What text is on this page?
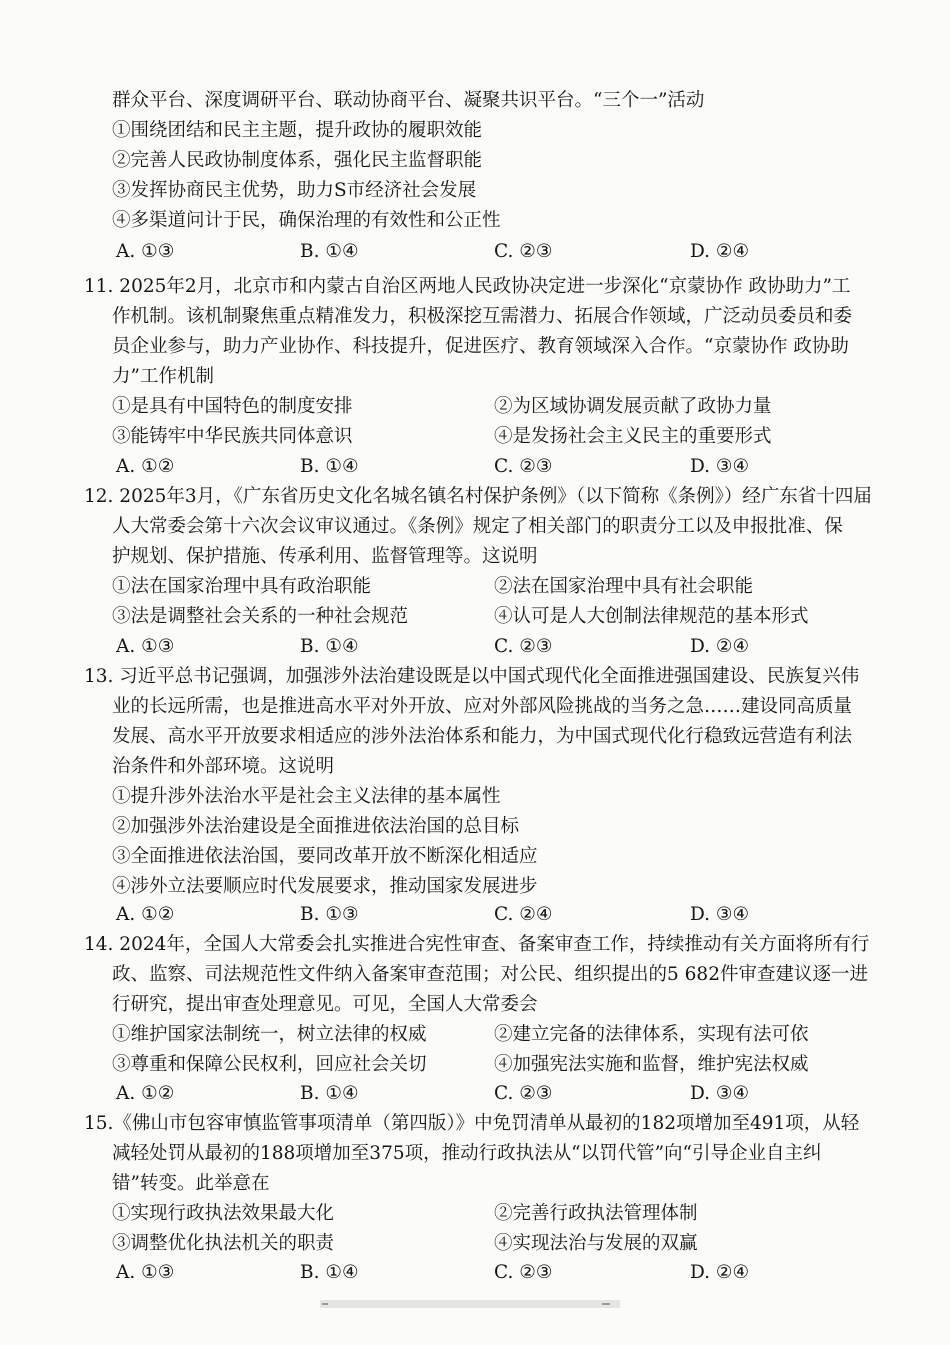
群众平台、深度调研平台、联动协商平台、凝聚共识平台。“三个一”活动
①围绕团结和民主主题，提升政协的履职效能
②完善人民政协制度体系，强化民主监督职能
③发挥协商民主优势，助力S市经济社会发展
④多渠道问计于民，确保治理的有效性和公正性
A. ①③	B. ①④	C. ②③	D. ②④
11. 2025年2月，北京市和内蒙古自治区两地人民政协决定进一步深化“京蒙协作 政协助力”工
作机制。该机制聚焦重点精准发力，积极深挖互需潜力、拓展合作领域，广泛动员委员和委
员企业参与，助力产业协作、科技提升，促进医疗、教育领域深入合作。“京蒙协作 政协助
力”工作机制
①是具有中国特色的制度安排	②为区域协调发展贡献了政协力量
③能铸牢中华民族共同体意识	④是发扬社会主义民主的重要形式
A. ①②	B. ①④	C. ②③	D. ③④
12. 2025年3月，《广东省历史文化名城名镇名村保护条例》（以下简称《条例》）经广东省十四届
人大常委会第十六次会议审议通过。《条例》规定了相关部门的职责分工以及申报批准、保
护规划、保护措施、传承利用、监督管理等。这说明
①法在国家治理中具有政治职能	②法在国家治理中具有社会职能
③法是调整社会关系的一种社会规范	④认可是人大创制法律规范的基本形式
A. ①③	B. ①④	C. ②③	D. ②④
13. 习近平总书记强调，加强涉外法治建设既是以中国式现代化全面推进强国建设、民族复兴伟
业的长远所需，也是推进高水平对外开放、应对外部风险挑战的当务之急……建设同高质量
发展、高水平开放要求相适应的涉外法治体系和能力，为中国式现代化行稳致远营造有利法
治条件和外部环境。这说明
①提升涉外法治水平是社会主义法律的基本属性
②加强涉外法治建设是全面推进依法治国的总目标
③全面推进依法治国，要同改革开放不断深化相适应
④涉外立法要顺应时代发展要求，推动国家发展进步
A. ①②	B. ①③	C. ②④	D. ③④
14. 2024年，全国人大常委会扎实推进合宪性审查、备案审查工作，持续推动有关方面将所有行
政、监察、司法规范性文件纳入备案审查范围；对公民、组织提出的5 682件审查建议逐一进
行研究，提出审查处理意见。可见，全国人大常委会
①维护国家法制统一，树立法律的权威	②建立完备的法律体系，实现有法可依
③尊重和保障公民权利，回应社会关切	④加强宪法实施和监督，维护宪法权威
A. ①②	B. ①④	C. ②③	D. ③④
15.《佛山市包容审慎监管事项清单（第四版）》中免罚清单从最初的182项增加至491项，从轻
减轻处罚从最初的188项增加至375项，推动行政执法从“以罚代管”向“引导企业自主纠
错”转变。此举意在
①实现行政执法效果最大化	②完善行政执法管理体制
③调整优化执法机关的职责	④实现法治与发展的双赢
A. ①③	B. ①④	C. ②③	D. ②④
